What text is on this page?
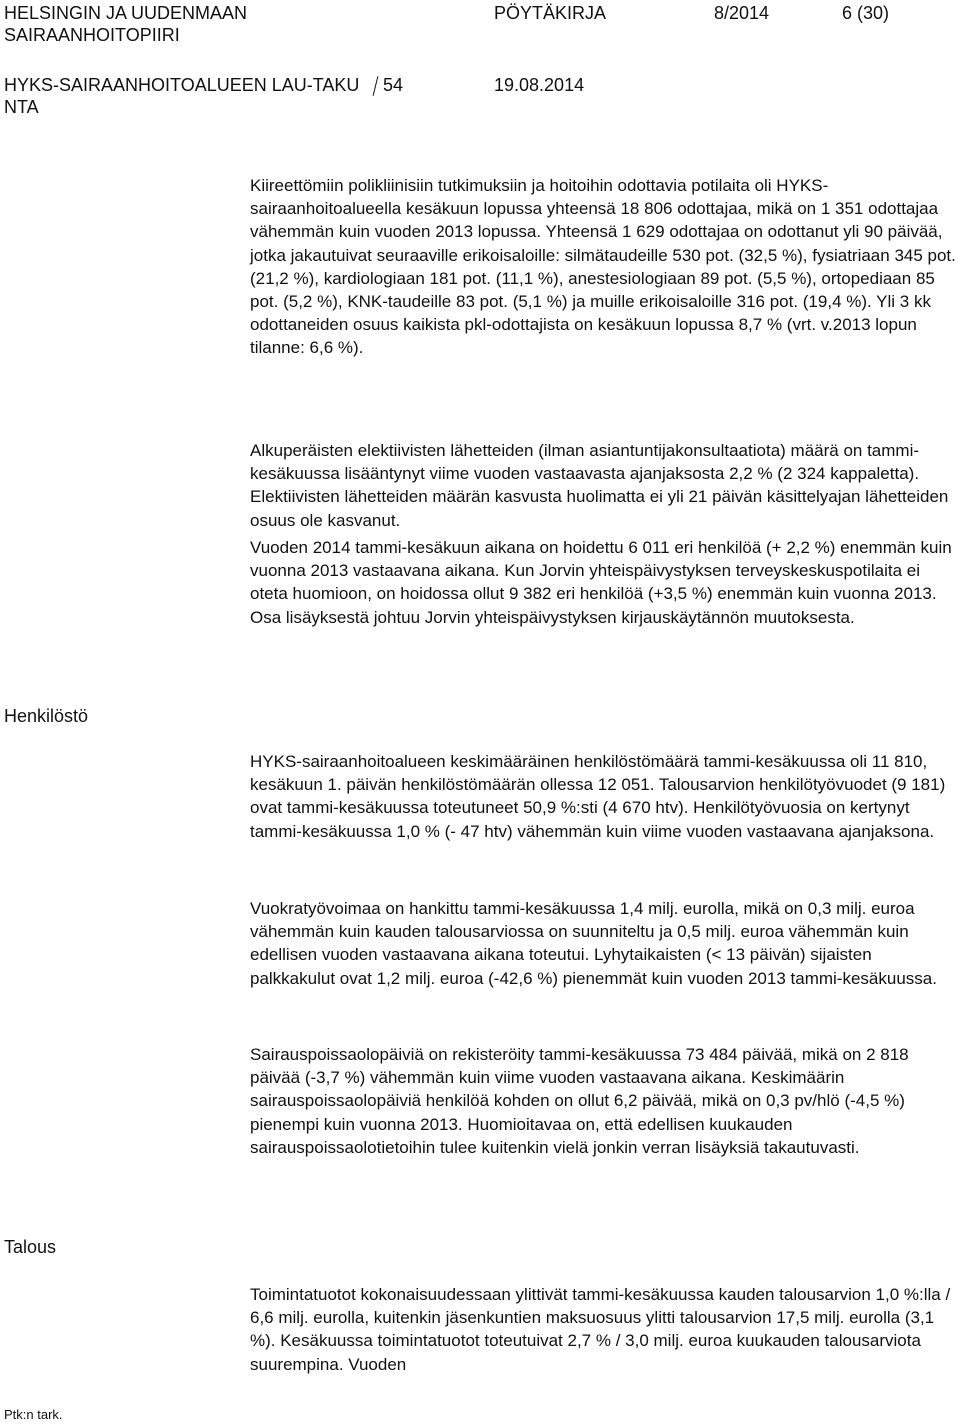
HELSINGIN JA UUDENMAAN SAIRAANHOITOPIIRI
PÖYTÄKIRJA	8/2014	6 (30)
HYKS-SAIRAANHOITOALUEEN LAU-TAKUNTA
54	19.08.2014

Kiireettömiin polikliinisiin tutkimuksiin ja hoitoihin odottavia potilaita oli HYKS-sairaanhoitoalueella kesäkuun lopussa yhteensä 18 806 odottajaa, mikä on 1 351 odottajaa vähemmän kuin vuoden 2013 lopussa. Yhteensä 1 629 odottajaa on odottanut yli 90 päivää, jotka jakautuivat seuraaville erikoisaloille: silmätaudeille 530 pot. (32,5 %), fysiatriaan 345 pot. (21,2 %), kardiologiaan 181 pot. (11,1 %), anestesiologiaan 89 pot. (5,5 %), ortopediaan 85 pot. (5,2 %), KNK-taudeille 83 pot. (5,1 %) ja muille erikoisaloille 316 pot. (19,4 %). Yli 3 kk odottaneiden osuus kaikista pkl-odottajista on kesäkuun lopussa 8,7 % (vrt. v.2013 lopun tilanne: 6,6 %).

Alkuperäisten elektiivisten lähetteiden (ilman asiantuntijakonsultaatiota) määrä on tammi-kesäkuussa lisääntynyt viime vuoden vastaavasta ajanjaksosta 2,2 % (2 324 kappaletta). Elektiivisten lähetteiden määrän kasvusta huolimatta ei yli 21 päivän käsittelyajan lähetteiden osuus ole kasvanut.

Vuoden 2014 tammi-kesäkuun aikana on hoidettu 6 011 eri henkilöä (+ 2,2 %) enemmän kuin vuonna 2013 vastaavana aikana. Kun Jorvin yhteispäivystyksen terveyskeskuspotilaita ei oteta huomioon, on hoidossa ollut 9 382 eri henkilöä (+3,5 %) enemmän kuin vuonna 2013. Osa lisäyksestä johtuu Jorvin yhteispäivystyksen kirjauskäytännön muutoksesta.

Henkilöstö

HYKS-sairaanhoitoalueen keskimääräinen henkilöstömäärä tammi-kesäkuussa oli 11 810, kesäkuun 1. päivän henkilöstömäärän ollessa 12 051. Talousarvion henkilötyövuodet (9 181) ovat tammi-kesäkuussa toteutuneet 50,9 %:sti (4 670 htv). Henkilötyövuosia on kertynyt tammi-kesäkuussa 1,0 % (- 47 htv) vähemmän kuin viime vuoden vastaavana ajanjaksona.

Vuokratyövoimaa on hankittu tammi-kesäkuussa 1,4 milj. eurolla, mikä on 0,3 milj. euroa vähemmän kuin kauden talousarviossa on suunniteltu ja 0,5 milj. euroa vähemmän kuin edellisen vuoden vastaavana aikana toteutui. Lyhytaikaisten (< 13 päivän) sijaisten palkkakulut ovat 1,2 milj. euroa (-42,6 %) pienemmät kuin vuoden 2013 tammi-kesäkuussa.

Sairauspoissaolopäiviä on rekisteröity tammi-kesäkuussa 73 484 päivää, mikä on 2 818 päivää (-3,7 %) vähemmän kuin viime vuoden vastaavana aikana. Keskimäärin sairauspoissaolopäiviä henkilöä kohden on ollut 6,2 päivää, mikä on 0,3 pv/hlö (-4,5 %) pienempi kuin vuonna 2013. Huomioitavaa on, että edellisen kuukauden sairauspoissaolotietoihin tulee kuitenkin vielä jonkin verran lisäyksiä takautuvasti.

Talous

Toimintatuotot kokonaisuudessaan ylittivät tammi-kesäkuussa kauden talousarvion 1,0 %:lla / 6,6 milj. eurolla, kuitenkin jäsenkuntien maksuosuus ylitti talousarvion 17,5 milj. eurolla (3,1 %). Kesäkuussa toimintatuotot toteutuivat 2,7 % / 3,0 milj. euroa kuukauden talousarviota suurempina. Vuoden

Ptk:n tark.
